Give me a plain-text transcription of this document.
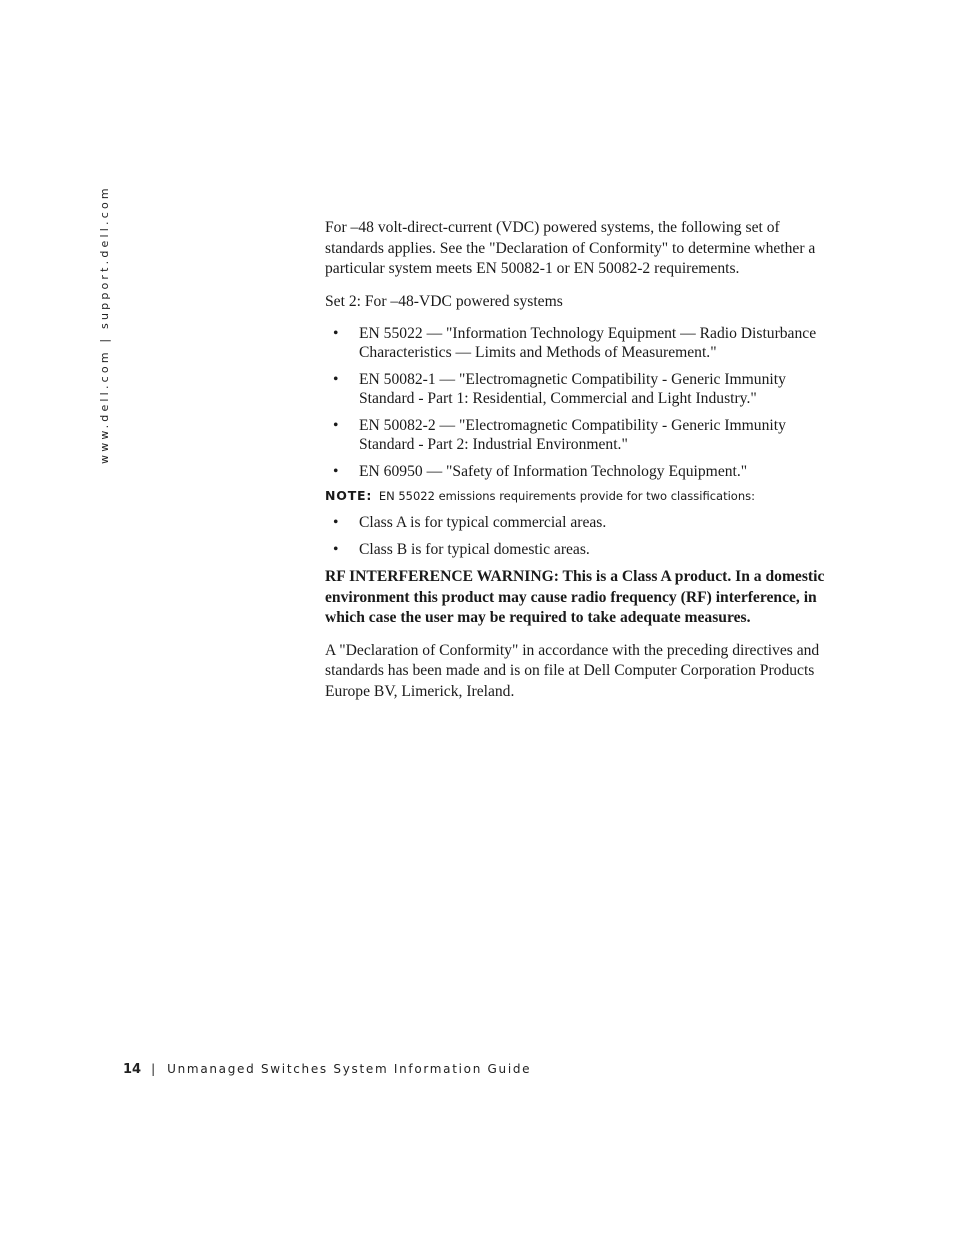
www.dell.com | support.dell.com	For –48 volt-direct-current (VDC) powered systems, the following set of standards applies. See the "Declaration of Conformity" to determine whether a particular system meets EN 50082-1 or EN 50082-2 requirements.

Set 2: For –48-VDC powered systems

• EN 55022 — "Information Technology Equipment — Radio Disturbance Characteristics — Limits and Methods of Measurement."
• EN 50082-1 — "Electromagnetic Compatibility - Generic Immunity Standard - Part 1: Residential, Commercial and Light Industry."
• EN 50082-2 — "Electromagnetic Compatibility - Generic Immunity Standard - Part 2: Industrial Environment."
• EN 60950 — "Safety of Information Technology Equipment."
NOTE: EN 55022 emissions requirements provide for two classifications:
• Class A is for typical commercial areas.
• Class B is for typical domestic areas.

RF INTERFERENCE WARNING: This is a Class A product. In a domestic environment this product may cause radio frequency (RF) interference, in which case the user may be required to take adequate measures.

A "Declaration of Conformity" in accordance with the preceding directives and standards has been made and is on file at Dell Computer Corporation Products Europe BV, Limerick, Ireland.

14 | Unmanaged Switches System Information Guide
